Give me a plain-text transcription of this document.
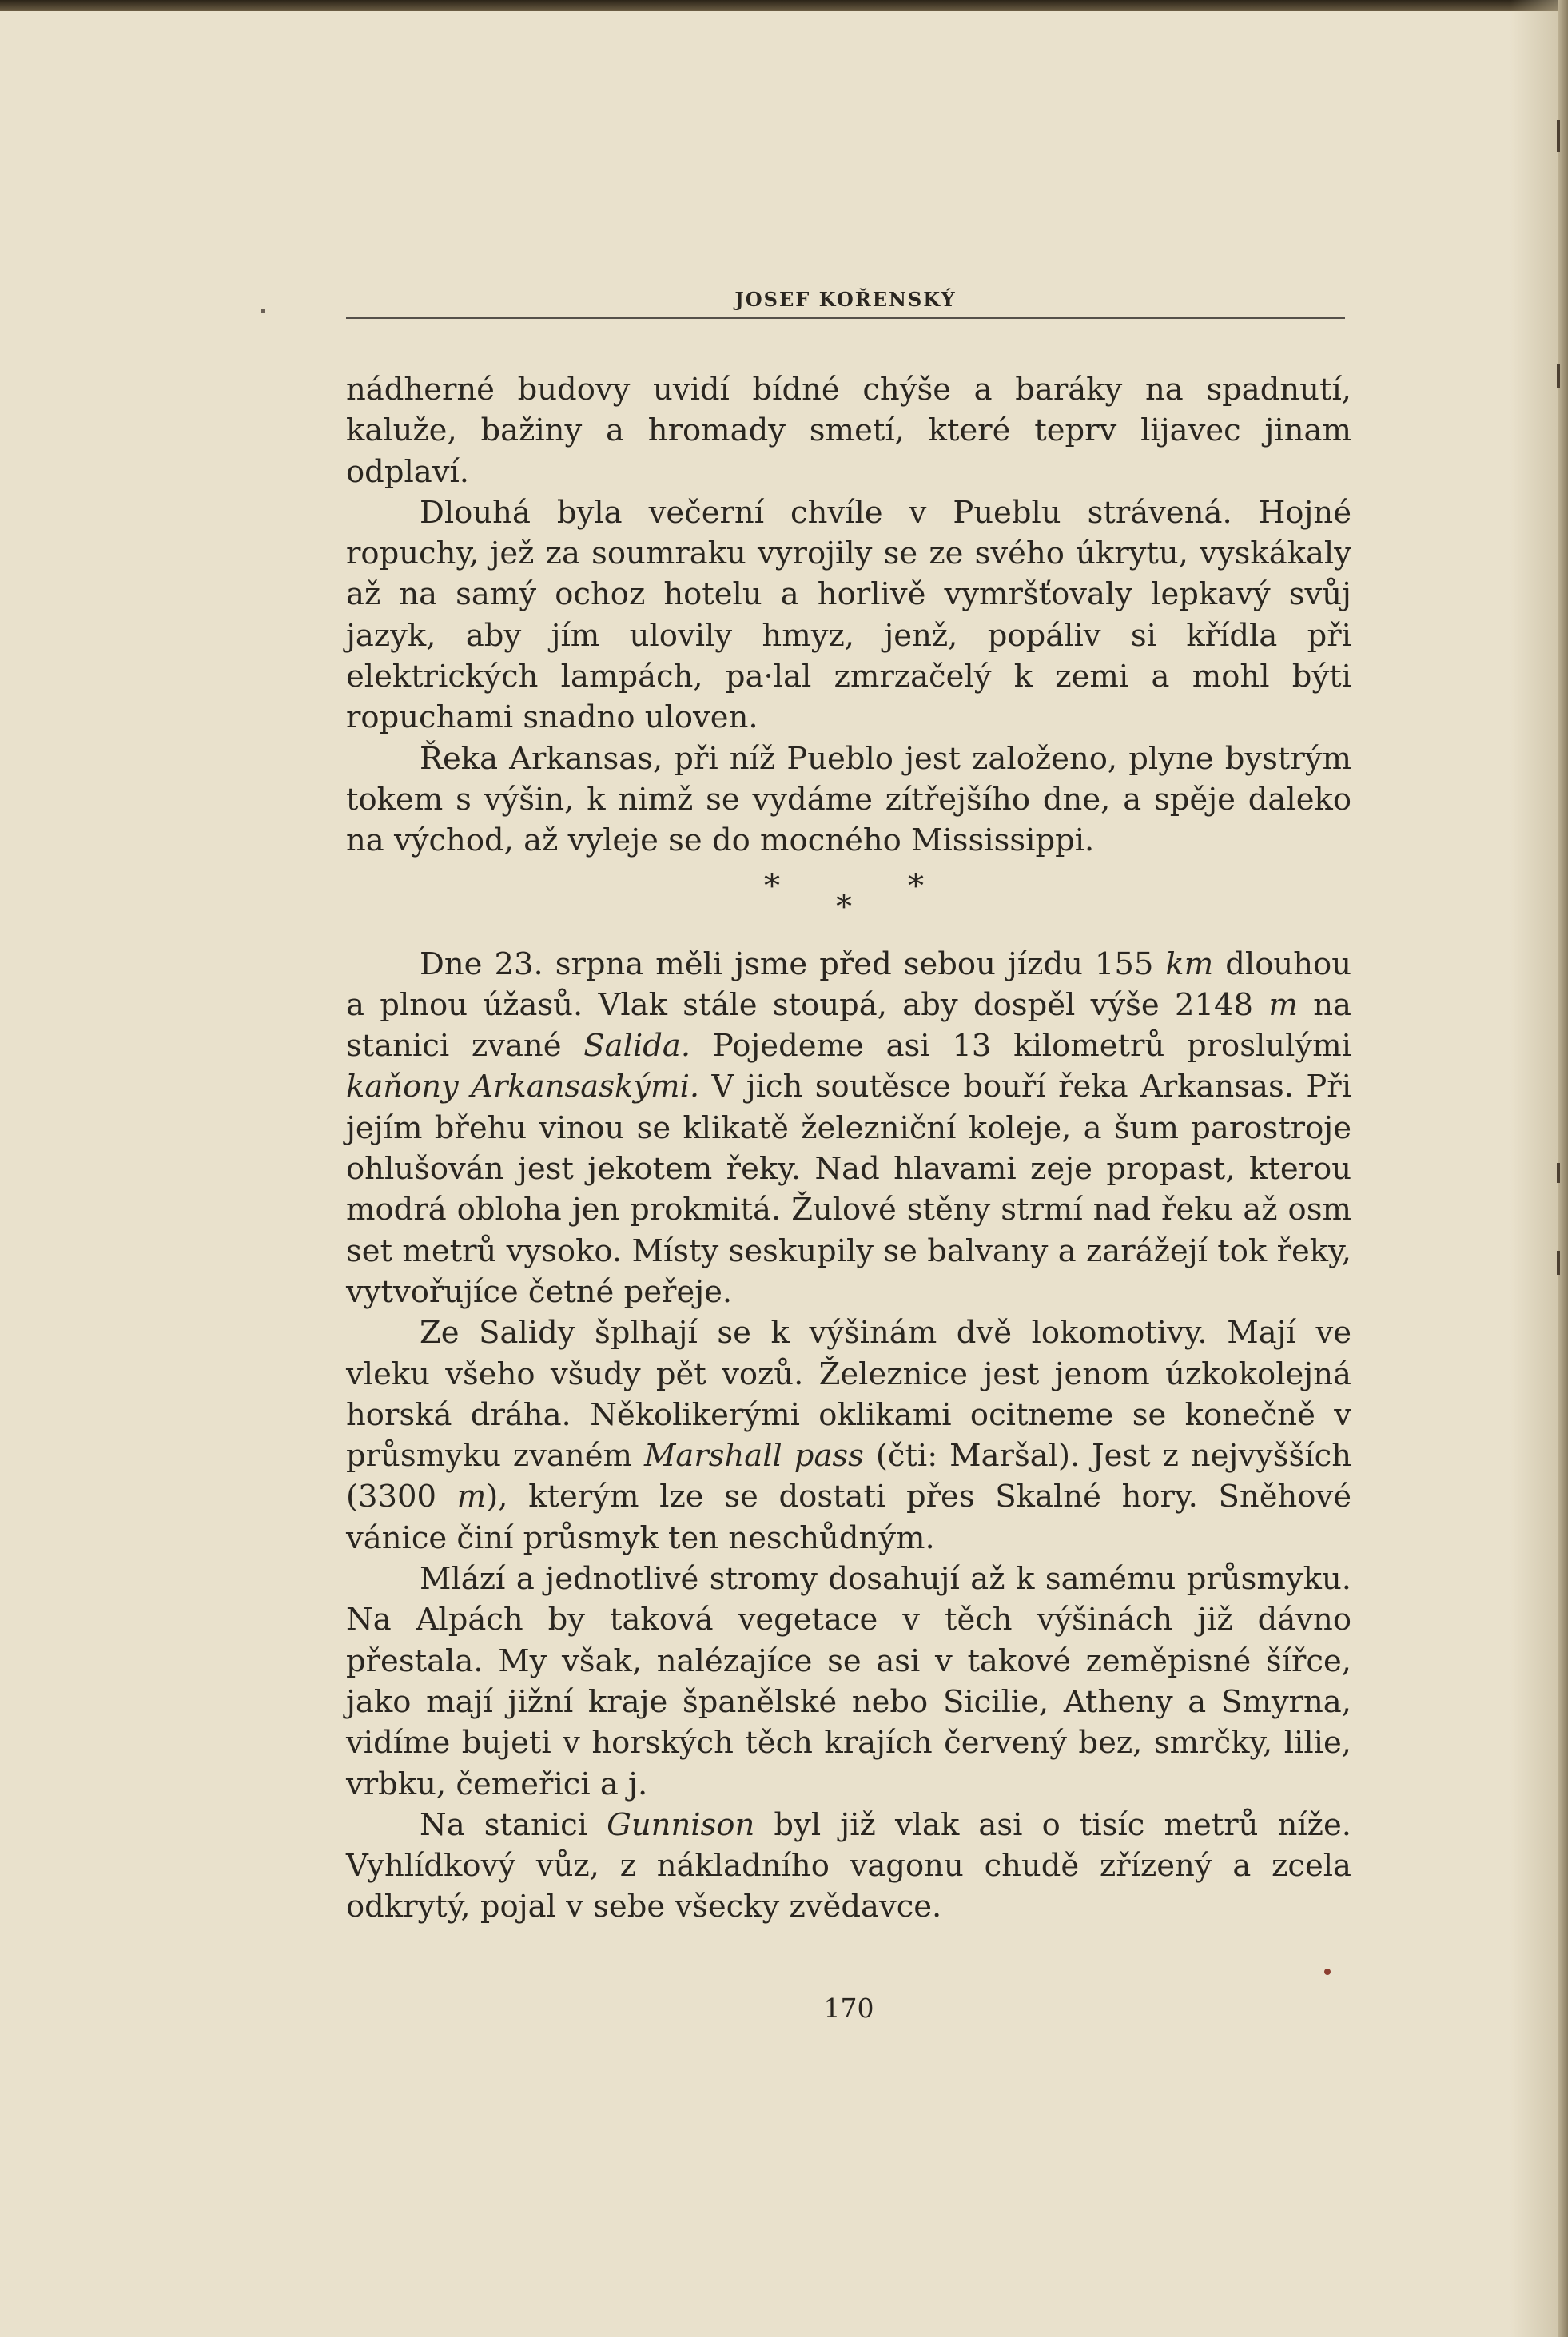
JOSEF KOŘENSKÝ

nádherné budovy uvidí bídné chýše a baráky na spadnutí, kaluže, bažiny a hromady smetí, které teprv lijavec jinam odplaví.

Dlouhá byla večerní chvíle v Pueblu strávená. Hojné ropuchy, jež za soumraku vyrojily se ze svého úkrytu, vyskákaly až na samý ochoz hotelu a horlivě vymršťovaly lepkavý svůj jazyk, aby jím ulovily hmyz, jenž, popáliv si křídla při elektrických lampách, pa·lal zmrzačelý k zemi a mohl býti ropuchami snadno uloven.

Řeka Arkansas, při níž Pueblo jest založeno, plyne bystrým tokem s výšin, k nimž se vydáme zítřejšího dne, a spěje daleko na východ, až vyleje se do mocného Mississippi.

*	*
*

Dne 23. srpna měli jsme před sebou jízdu 155 km dlouhou a plnou úžasů. Vlak stále stoupá, aby dospěl výše 2148 m na stanici zvané Salida. Pojedeme asi 13 kilometrů proslulými kaňony Arkansaskými. V jich soutěsce bouří řeka Arkansas. Při jejím břehu vinou se klikatě železniční koleje, a šum parostroje ohlušován jest jekotem řeky. Nad hlavami zeje propast, kterou modrá obloha jen prokmitá. Žulové stěny strmí nad řeku až osm set metrů vysoko. Místy seskupily se balvany a zarážejí tok řeky, vytvořujíce četné peřeje.

Ze Salidy šplhají se k výšinám dvě lokomotivy. Mají ve vleku všeho všudy pět vozů. Železnice jest jenom úzkokolejná horská dráha. Několikerými oklikami ocitneme se konečně v průsmyku zvaném Marshall pass (čti: Maršal). Jest z nejvyšších (3300 m), kterým lze se dostati přes Skalné hory. Sněhové vánice činí průsmyk ten neschůdným.

Mlází a jednotlivé stromy dosahují až k samému průsmyku. Na Alpách by taková vegetace v těch výšinách již dávno přestala. My však, nalézajíce se asi v takové zeměpisné šířce, jako mají jižní kraje španělské nebo Sicilie, Atheny a Smyrna, vidíme bujeti v horských těch krajích červený bez, smrčky, lilie, vrbku, čemeřici a j.

Na stanici Gunnison byl již vlak asi o tisíc metrů níže. Vyhlídkový vůz, z nákladního vagonu chudě zřízený a zcela odkrytý, pojal v sebe všecky zvědavce.

170
